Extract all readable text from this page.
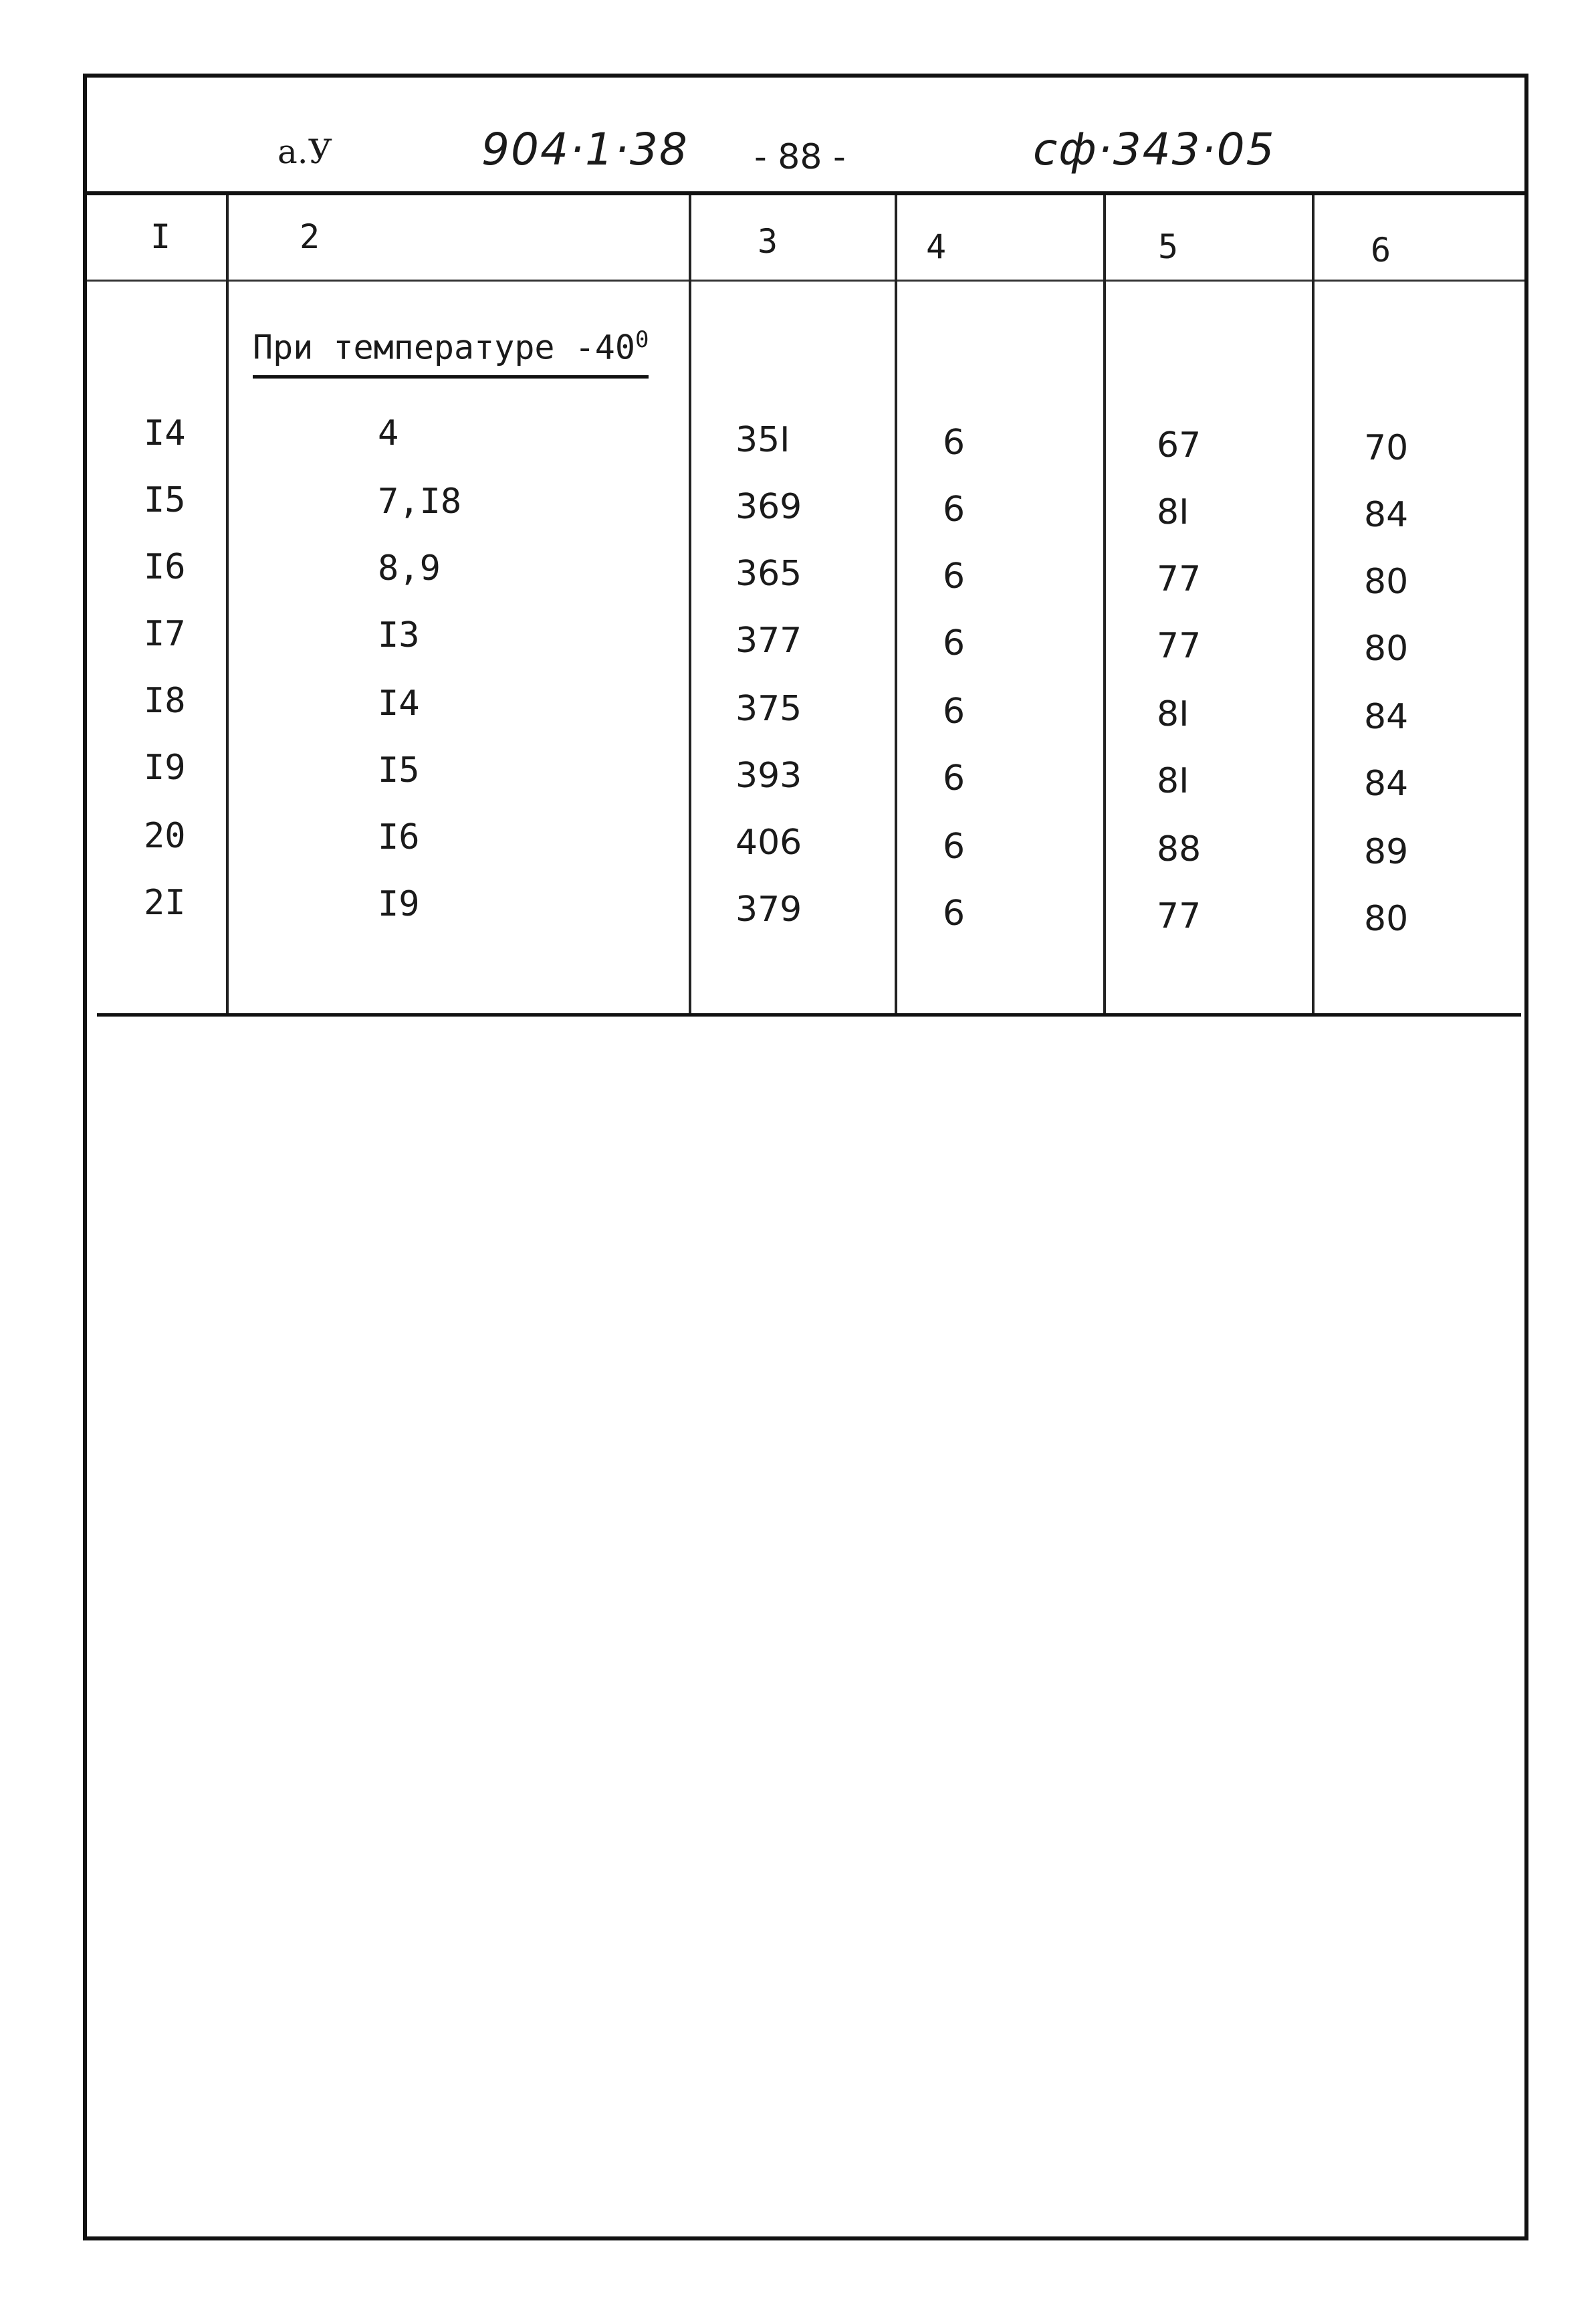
а.У	904·1·38 - 88 -	сф·343·05
I	2	3	4	5	6
При температуре $-40^0$
I4	4	35I	6	67	70
I5	7,I8	369	6	8I	84
I6	8,9	365	6	77	80
I7	I3	377	6	77	80
I8	I4	375	6	8I	84
I9	I5	393	6	8I	84
20	I6	406	6	88	89
2I	I9	379	6	77	80
